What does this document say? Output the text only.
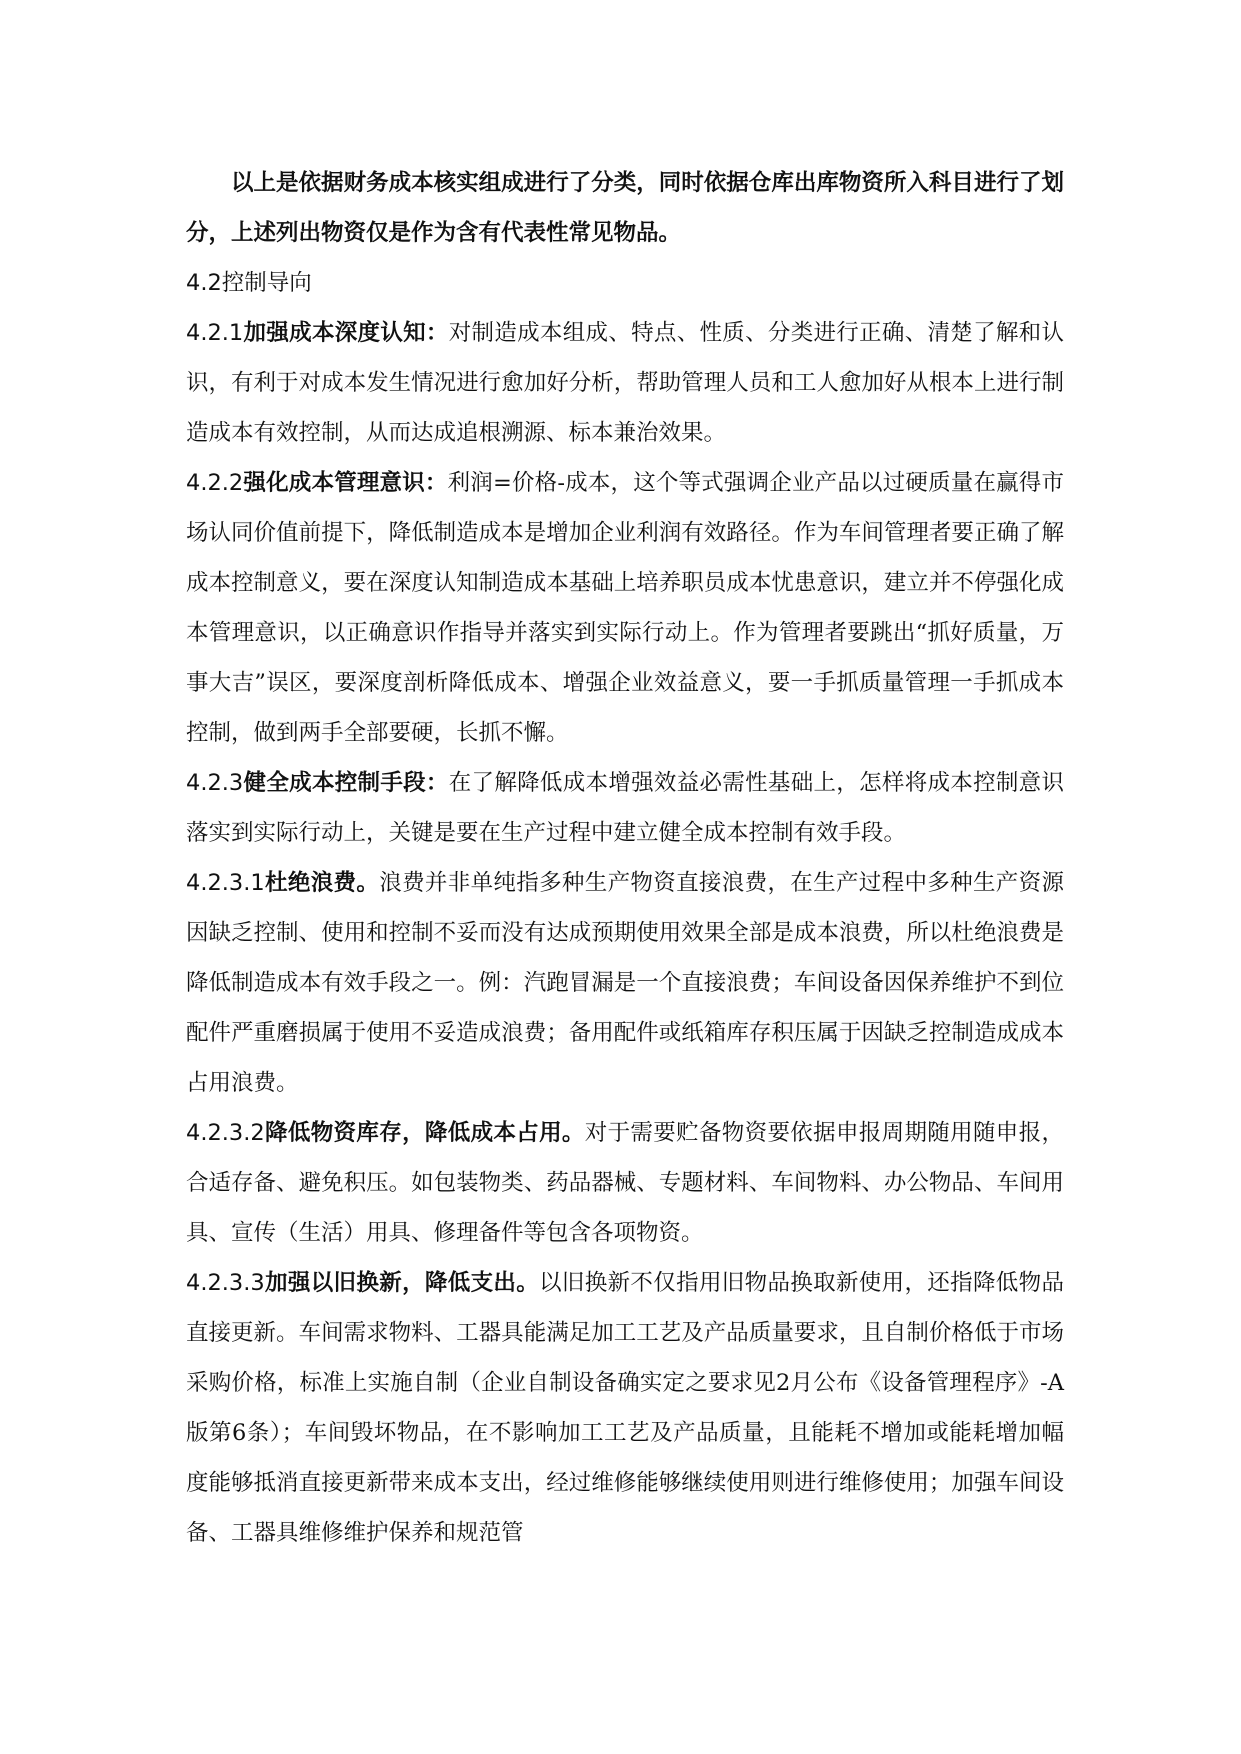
以上是依据财务成本核实组成进行了分类，同时依据仓库出库物资所入科目进行了划分，上述列出物资仅是作为含有代表性常见物品。

4.2控制导向

4.2.1加强成本深度认知：对制造成本组成、特点、性质、分类进行正确、清楚了解和认识，有利于对成本发生情况进行愈加好分析，帮助管理人员和工人愈加好从根本上进行制造成本有效控制，从而达成追根溯源、标本兼治效果。

4.2.2强化成本管理意识：利润=价格-成本，这个等式强调企业产品以过硬质量在赢得市场认同价值前提下，降低制造成本是增加企业利润有效路径。作为车间管理者要正确了解成本控制意义，要在深度认知制造成本基础上培养职员成本忧患意识，建立并不停强化成本管理意识，以正确意识作指导并落实到实际行动上。作为管理者要跳出“抓好质量，万事大吉”误区，要深度剖析降低成本、增强企业效益意义，要一手抓质量管理一手抓成本控制，做到两手全部要硬，长抓不懈。

4.2.3健全成本控制手段：在了解降低成本增强效益必需性基础上，怎样将成本控制意识落实到实际行动上，关键是要在生产过程中建立健全成本控制有效手段。

4.2.3.1杜绝浪费。浪费并非单纯指多种生产物资直接浪费，在生产过程中多种生产资源因缺乏控制、使用和控制不妥而没有达成预期使用效果全部是成本浪费，所以杜绝浪费是降低制造成本有效手段之一。例：汽跑冒漏是一个直接浪费；车间设备因保养维护不到位配件严重磨损属于使用不妥造成浪费；备用配件或纸箱库存积压属于因缺乏控制造成成本占用浪费。

4.2.3.2降低物资库存，降低成本占用。对于需要贮备物资要依据申报周期随用随申报，合适存备、避免积压。如包装物类、药品器械、专题材料、车间物料、办公物品、车间用具、宣传（生活）用具、修理备件等包含各项物资。

4.2.3.3加强以旧换新，降低支出。以旧换新不仅指用旧物品换取新使用，还指降低物品直接更新。车间需求物料、工器具能满足加工工艺及产品质量要求，且自制价格低于市场采购价格，标准上实施自制（企业自制设备确实定之要求见2月公布《设备管理程序》-A版第6条）；车间毁坏物品，在不影响加工工艺及产品质量，且能耗不增加或能耗增加幅度能够抵消直接更新带来成本支出，经过维修能够继续使用则进行维修使用；加强车间设备、工器具维修维护保养和规范管
